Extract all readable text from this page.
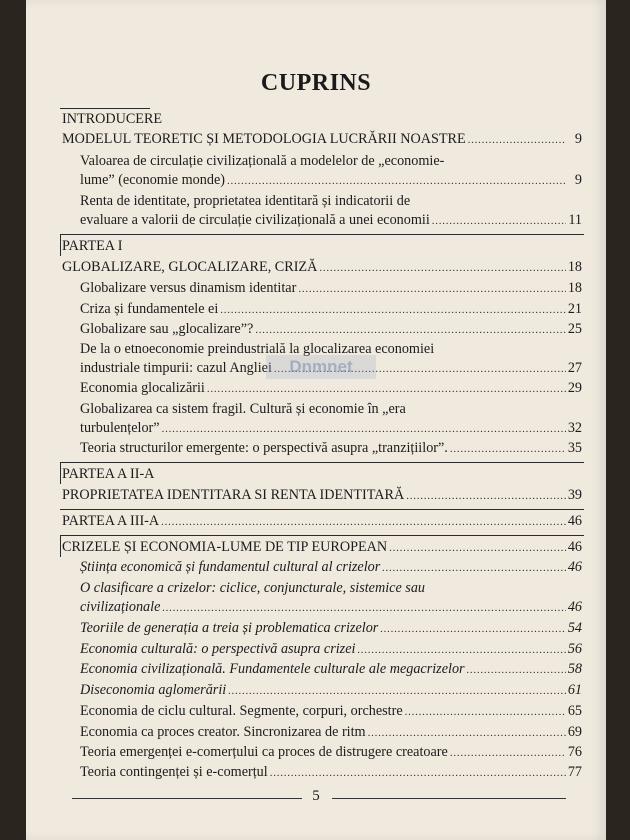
CUPRINS
INTRODUCERE
MODELUL TEORETIC ȘI METODOLOGIA LUCRĂRII NOASTRE . . .	9
Valoarea de circulație civilizațională a modelelor de „economie-
lume” (economie monde) . . .	9
Renta de identitate, proprietatea identitară și indicatorii de
evaluare a valorii de circulație civilizațională a unei economii . . .	11
PARTEA I
GLOBALIZARE, GLOCALIZARE, CRIZĂ . . .	18
Globalizare versus dinamism identitar . . .	18
Criza și fundamentele ei . . .	21
Globalizare sau „glocalizare”? . . .	25
De la o etnoeconomie preindustrială la glocalizarea economiei
industriale timpurii: cazul Angliei . . .	27
Economia glocalizării . . .	29
Globalizarea ca sistem fragil. Cultură și economie în „era
turbulențelor” . . .	32
Teoria structurilor emergente: o perspectivă asupra „tranzițiilor”. . . .	35
PARTEA A II-A
PROPRIETATEA IDENTITARA SI RENTA IDENTITARĂ . . .	39
PARTEA A III-A . . .	46
CRIZELE ȘI ECONOMIA-LUME DE TIP EUROPEAN . . .	46
Știința economică și fundamentul cultural al crizelor . . .	46
O clasificare a crizelor: ciclice, conjuncturale, sistemice sau
civilizaționale . . .	46
Teoriile de generația a treia și problematica crizelor . . .	54
Economia culturală: o perspectivă asupra crizei . . .	56
Economia civilizațională. Fundamentele culturale ale megacrizelor . . .	58
Diseconomia aglomerării . . .	61
Economia de ciclu cultural. Segmente, corpuri, orchestre . . .	65
Economia ca proces creator. Sincronizarea de ritm . . .	69
Teoria emergenței e-comerțului ca proces de distrugere creatoare . . .	76
Teoria contingenței și e-comerțul . . .	77
Dnmnet
5
